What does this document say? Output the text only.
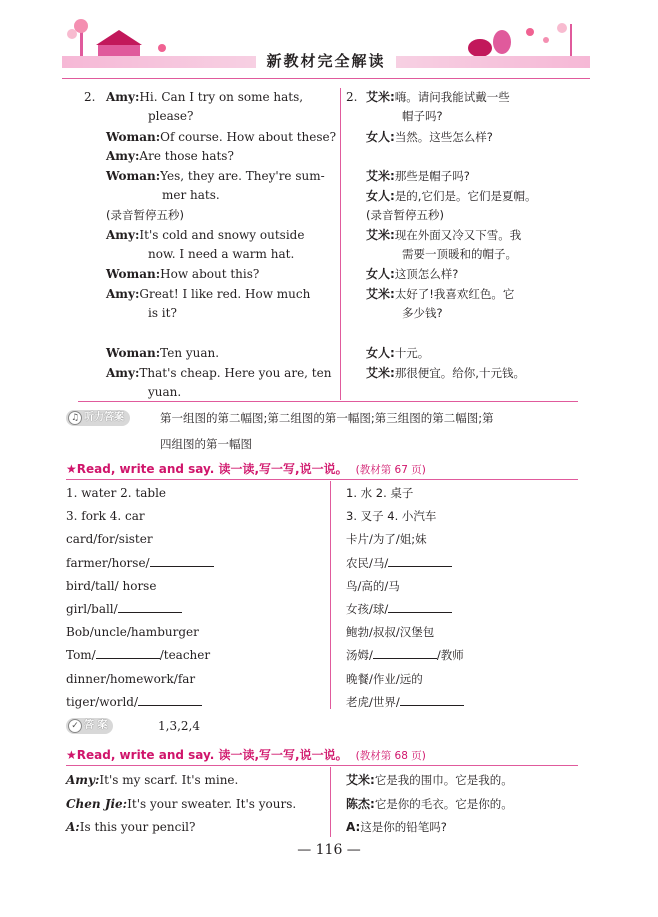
新教材完全解读
2. Amy:Hi. Can I try on some hats,
please?
Woman:Of course. How about these?
Amy:Are those hats?
Woman:Yes, they are. They're sum-
mer hats.
(录音暂停五秒)
Amy:It's cold and snowy outside
now. I need a warm hat.
Woman:How about this?
Amy:Great! I like red. How much
is it?
Woman:Ten yuan.
Amy:That's cheap. Here you are, ten
yuan.
2. 艾米:嗨。请问我能试戴一些
帽子吗?
女人:当然。这些怎么样?
艾米:那些是帽子吗?
女人:是的,它们是。它们是夏帽。
(录音暂停五秒)
艾米:现在外面又冷又下雪。我
需要一顶暖和的帽子。
女人:这顶怎么样?
艾米:太好了!我喜欢红色。它
多少钱?
女人:十元。
艾米:那很便宜。给你,十元钱。
♫ 听力答案	第一组图的第二幅图;第二组图的第一幅图;第三组图的第二幅图;第
四组图的第一幅图
★Read, write and say. 读一读,写一写,说一说。 (教材第 67 页)
1. water 2. table
3. fork 4. car
card/for/sister
farmer/horse/
bird/tall/ horse
girl/ball/
Bob/uncle/hamburger
Tom/	/teacher
dinner/homework/far
tiger/world/
1. 水 2. 桌子
3. 叉子 4. 小汽车
卡片/为了/姐;妹
农民/马/
鸟/高的/马
女孩/球/
鲍勃/叔叔/汉堡包
汤姆/	/教师
晚餐/作业/远的
老虎/世界/
✓ 答 案	1,3,2,4
★Read, write and say. 读一读,写一写,说一说。 (教材第 68 页)
Amy:It's my scarf. It's mine.
Chen Jie:It's your sweater. It's yours.
A:Is this your pencil?
艾米:它是我的围巾。它是我的。
陈杰:它是你的毛衣。它是你的。
A:这是你的铅笔吗?
— 116 —
